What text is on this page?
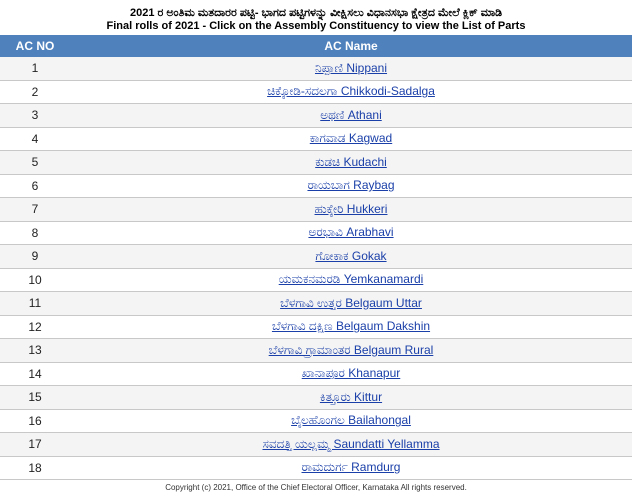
2021 ರ ಅಂತಿಮ ಮತದಾರರ ಪಟ್ಟಿ- ಭಾಗದ ಪಟ್ಟಿಗಳನ್ನು ವೀಕ್ಷಿಸಲು ವಿಧಾನಸಭಾ ಕ್ಷೇತ್ರದ ಮೇಲೆ ಕ್ಲಿಕ್ ಮಾಡಿ
Final rolls of 2021 - Click on the Assembly Constituency to view the List of Parts
AC NO	AC Name
1	ನಿಪ್ಪಾಣಿ Nippani
2	ಚಿಕ್ಕೋಡಿ-ಸದಲಗಾ Chikkodi-Sadalga
3	ಅಥಣಿ Athani
4	ಕಾಗವಾಡ Kagwad
5	ಕುಡಚಿ Kudachi
6	ರಾಯಬಾಗ Raybag
7	ಹುಕ್ಕೇರಿ Hukkeri
8	ಅರಭಾವಿ Arabhavi
9	ಗೋಕಾಕ Gokak
10	ಯಮಕನಮರಡಿ Yemkanamardi
11	ಬೆಳಗಾವಿ ಉತ್ತರ Belgaum Uttar
12	ಬೆಳಗಾವಿ ದಕ್ಷಿಣ Belgaum Dakshin
13	ಬೆಳಗಾವಿ ಗ್ರಾಮಾಂತರ Belgaum Rural
14	ಖಾನಾಪೂರ Khanapur
15	ಕಿತ್ತೂರು Kittur
16	ಬೈಲಹೊಂಗಲ Bailahongal
17	ಸವದತ್ತಿ ಯಲ್ಲಮ್ಮ Saundatti Yellamma
18	ರಾಮದುರ್ಗ Ramdurg
Copyright (c) 2021, Office of the Chief Electoral Officer, Karnataka All rights reserved.
